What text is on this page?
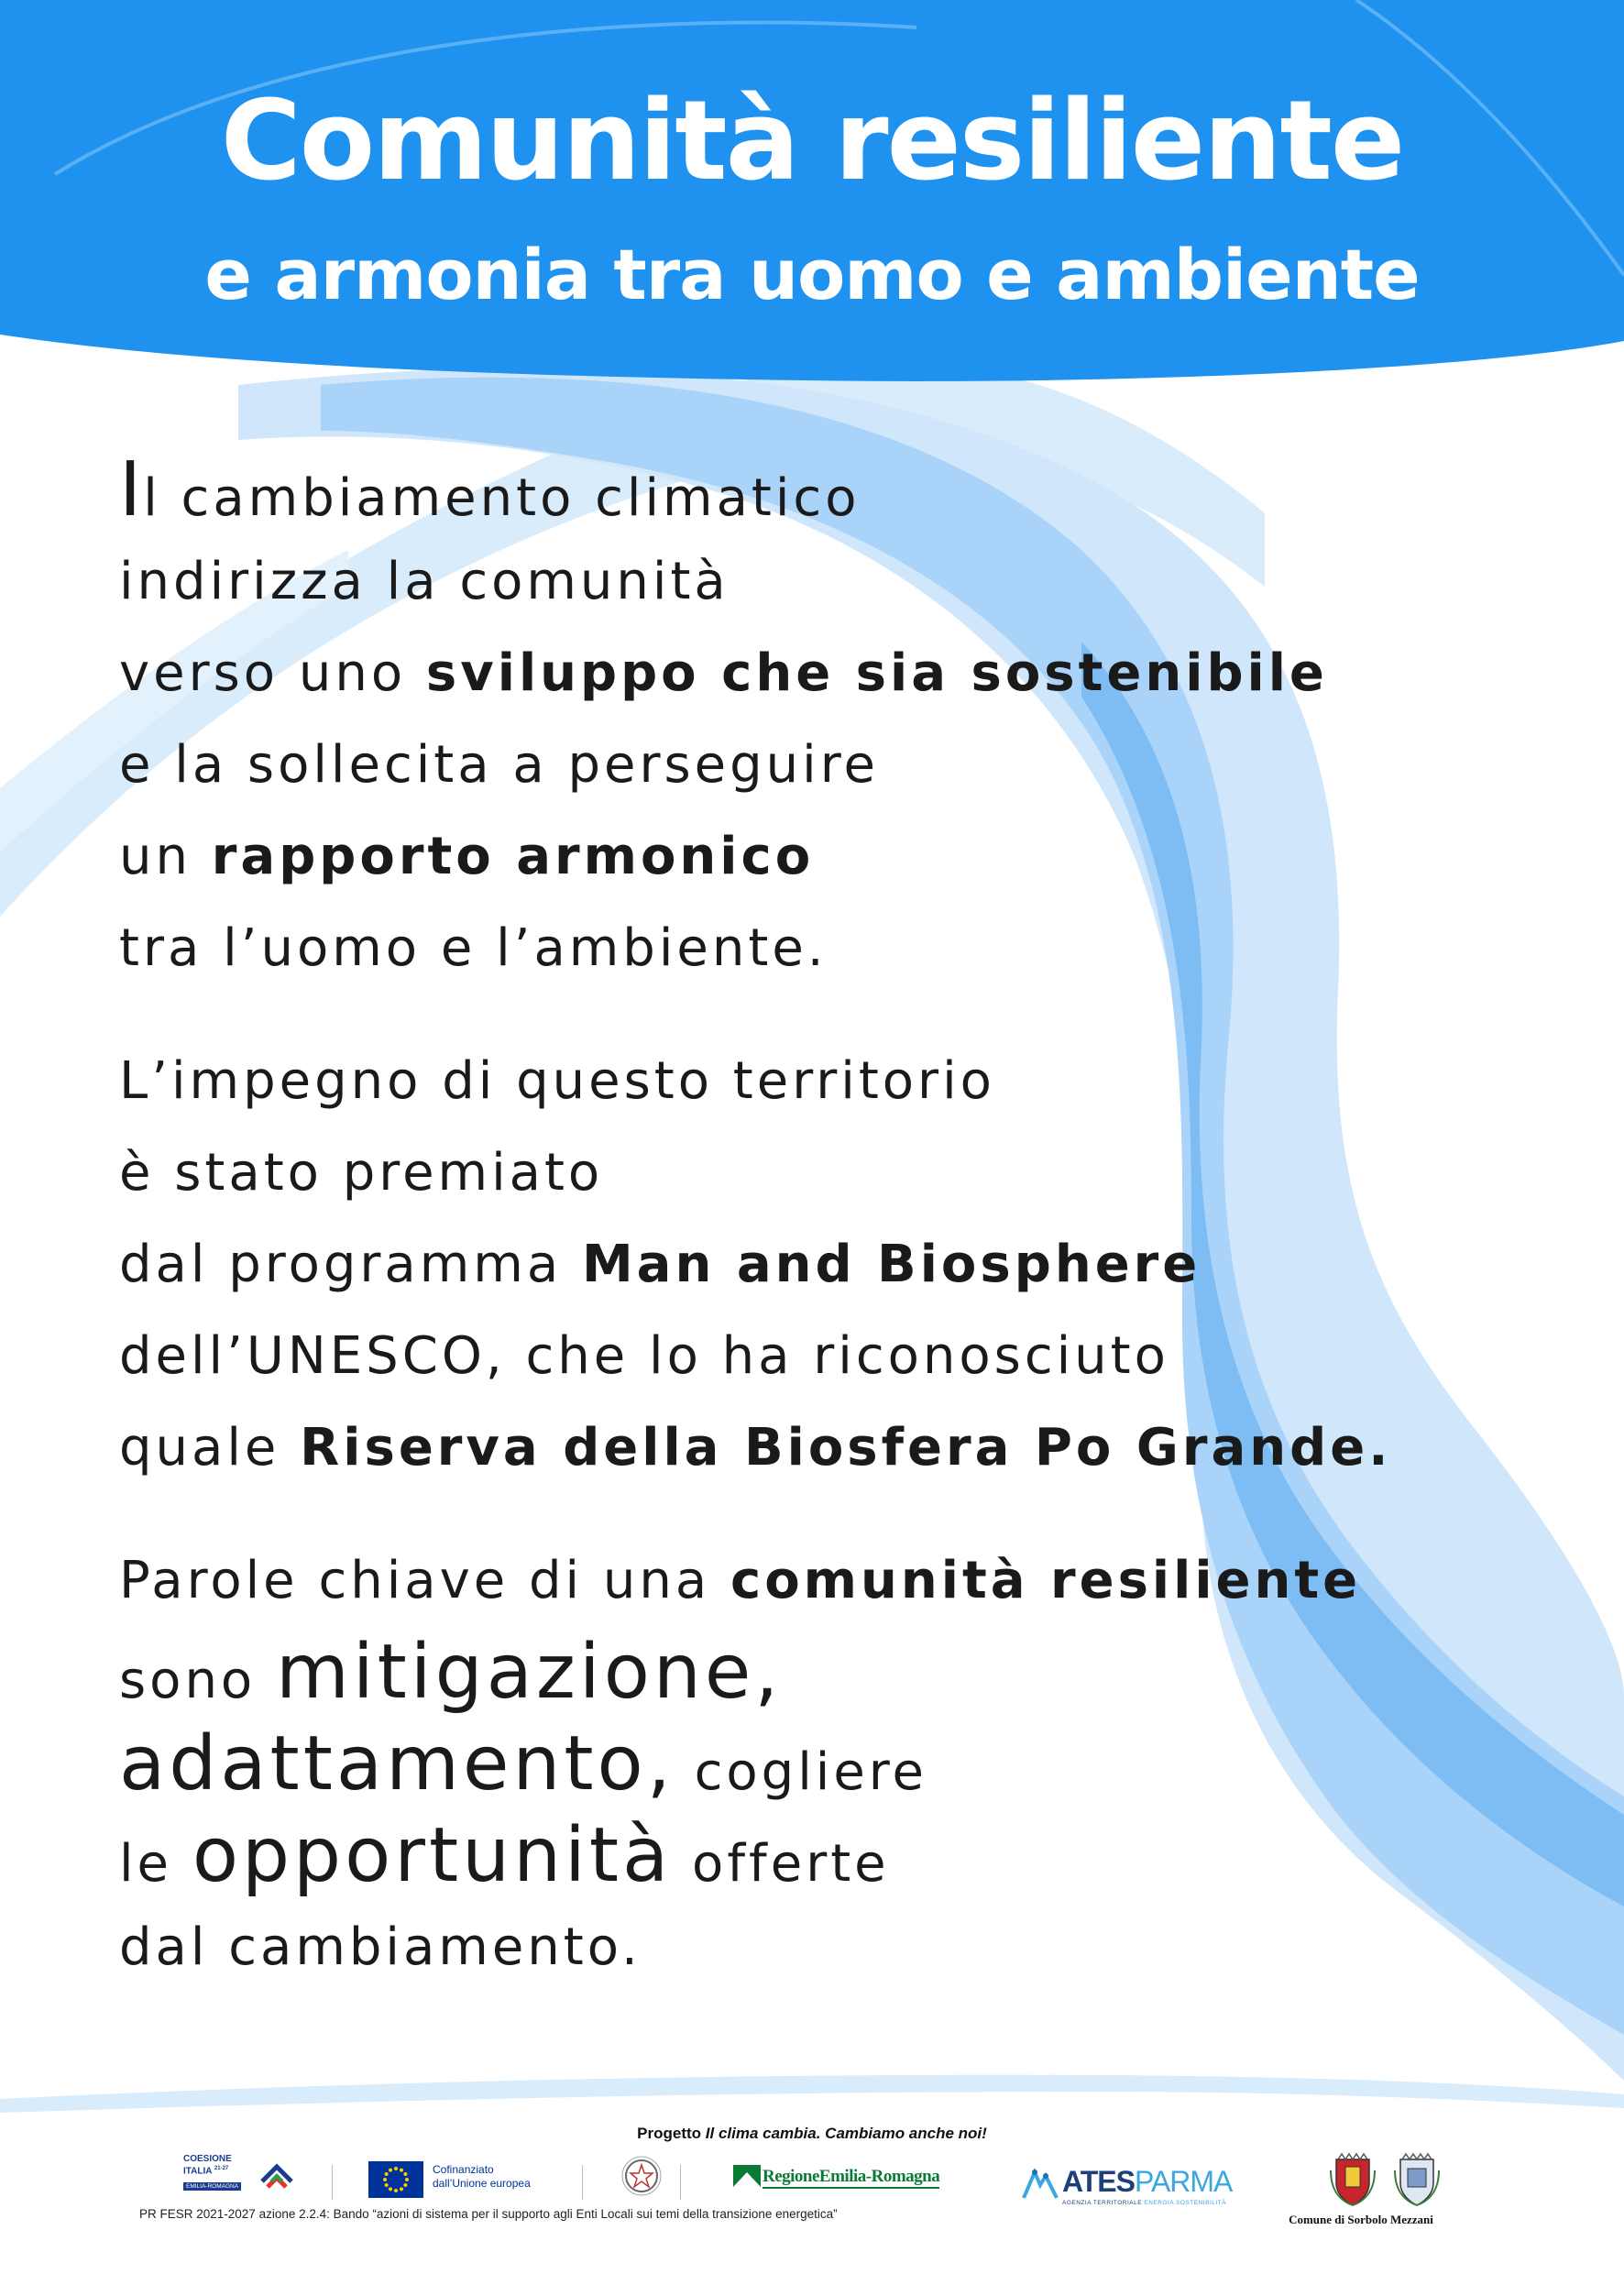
Comunità resiliente
e armonia tra uomo e ambiente
Il cambiamento climatico
indirizza la comunità
verso uno sviluppo che sia sostenibile
e la sollecita a perseguire
un rapporto armonico
tra l’uomo e l’ambiente.
L’impegno di questo territorio
è stato premiato
dal programma Man and Biosphere
dell’UNESCO, che lo ha riconosciuto
quale Riserva della Biosfera Po Grande.
Parole chiave di una comunità resiliente
sono mitigazione,
adattamento, cogliere
le opportunità offerte
dal cambiamento.
Progetto Il clima cambia. Cambiamo anche noi!
COESIONE
ITALIA $^{21-27}$
EMILIA-ROMAGNA
Cofinanziato
dall’Unione europea	RegioneEmilia-Romagna	ATESPARMA
AGENZIA TERRITORIALE ENERGIA SOSTENIBILITÀ
PR FESR 2021-2027 azione 2.2.4: Bando “azioni di sistema per il supporto agli Enti Locali sui temi della transizione energetica”	Comune di Sorbolo Mezzani
